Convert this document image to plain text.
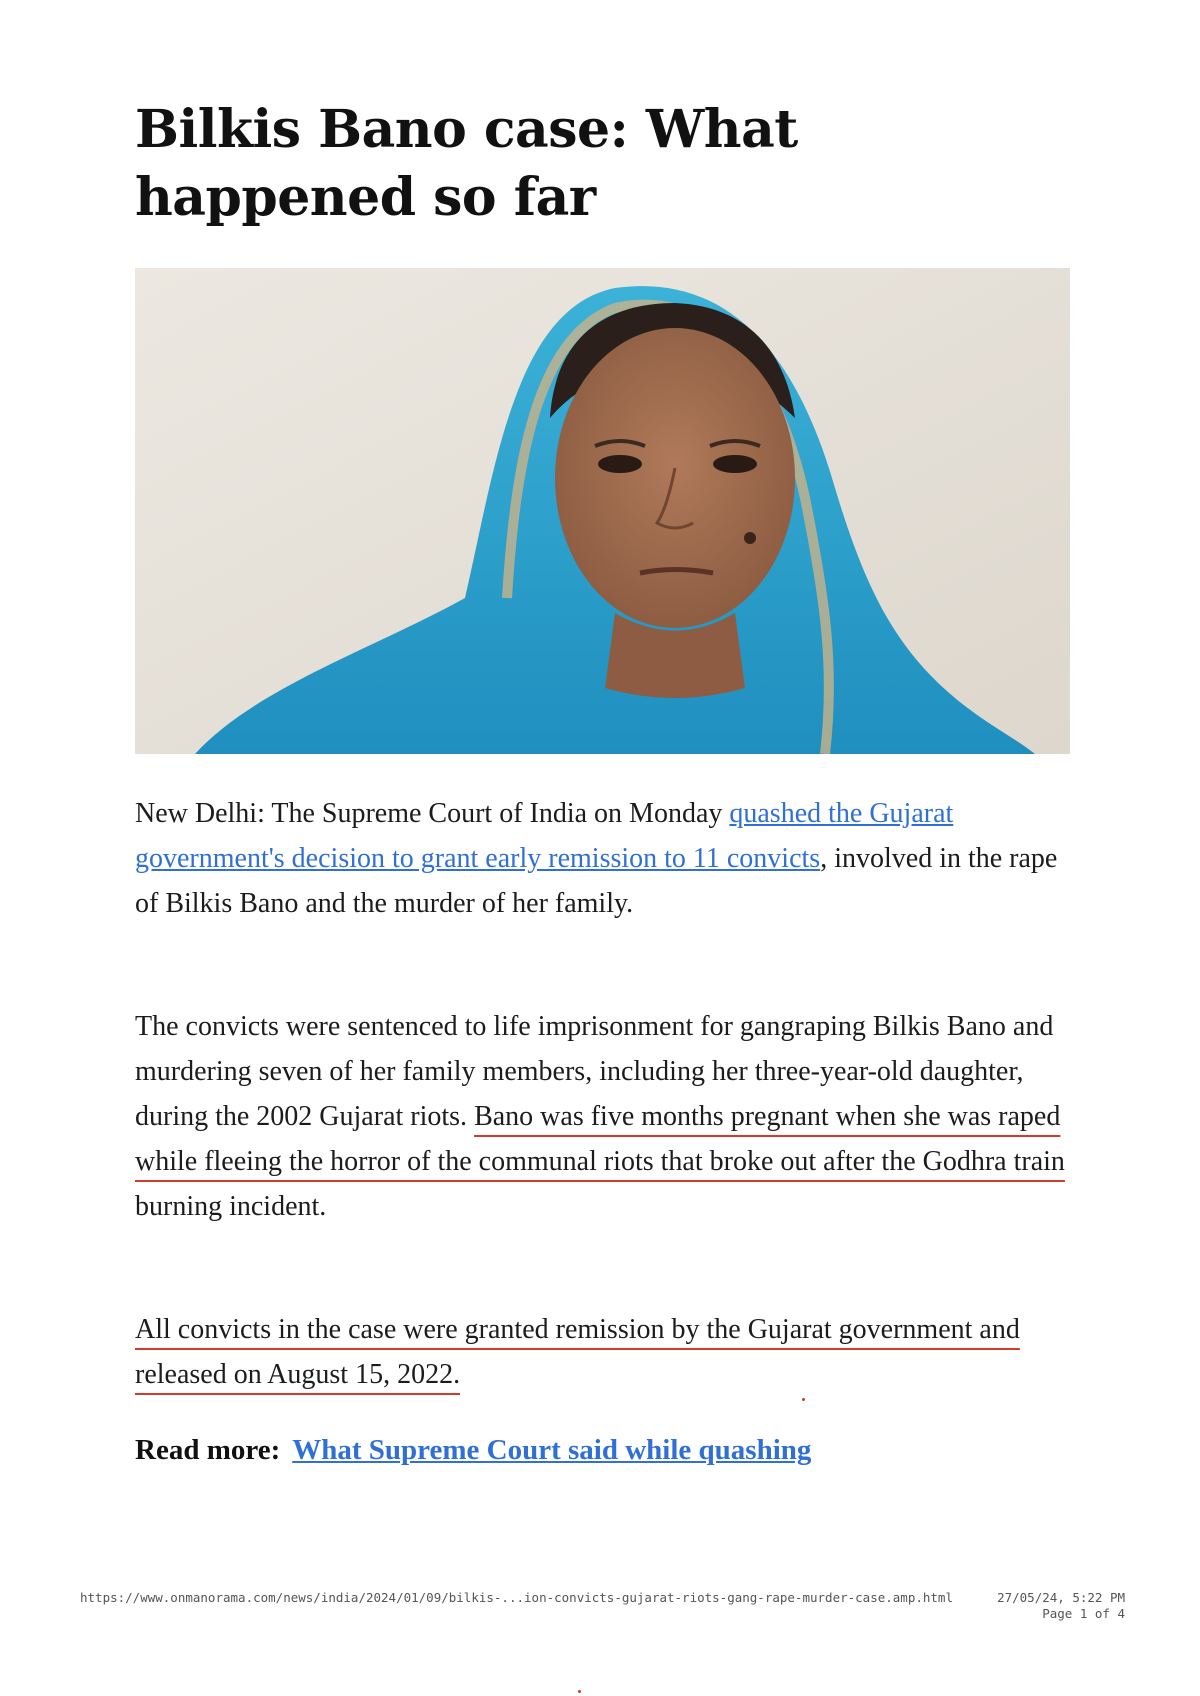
Bilkis Bano case: What happened so far

New Delhi: The Supreme Court of India on Monday quashed the Gujarat government's decision to grant early remission to 11 convicts, involved in the rape of Bilkis Bano and the murder of her family.

The convicts were sentenced to life imprisonment for gangraping Bilkis Bano and murdering seven of her family members, including her three-year-old daughter, during the 2002 Gujarat riots. Bano was five months pregnant when she was raped while fleeing the horror of the communal riots that broke out after the Godhra train burning incident.

All convicts in the case were granted remission by the Gujarat government and released on August 15, 2022.

Read more: What Supreme Court said while quashing

https://www.onmanorama.com/news/india/2024/01/09/bilkis-...ion-convicts-gujarat-riots-gang-rape-murder-case.amp.html	27/05/24, 5:22 PM
Page 1 of 4
